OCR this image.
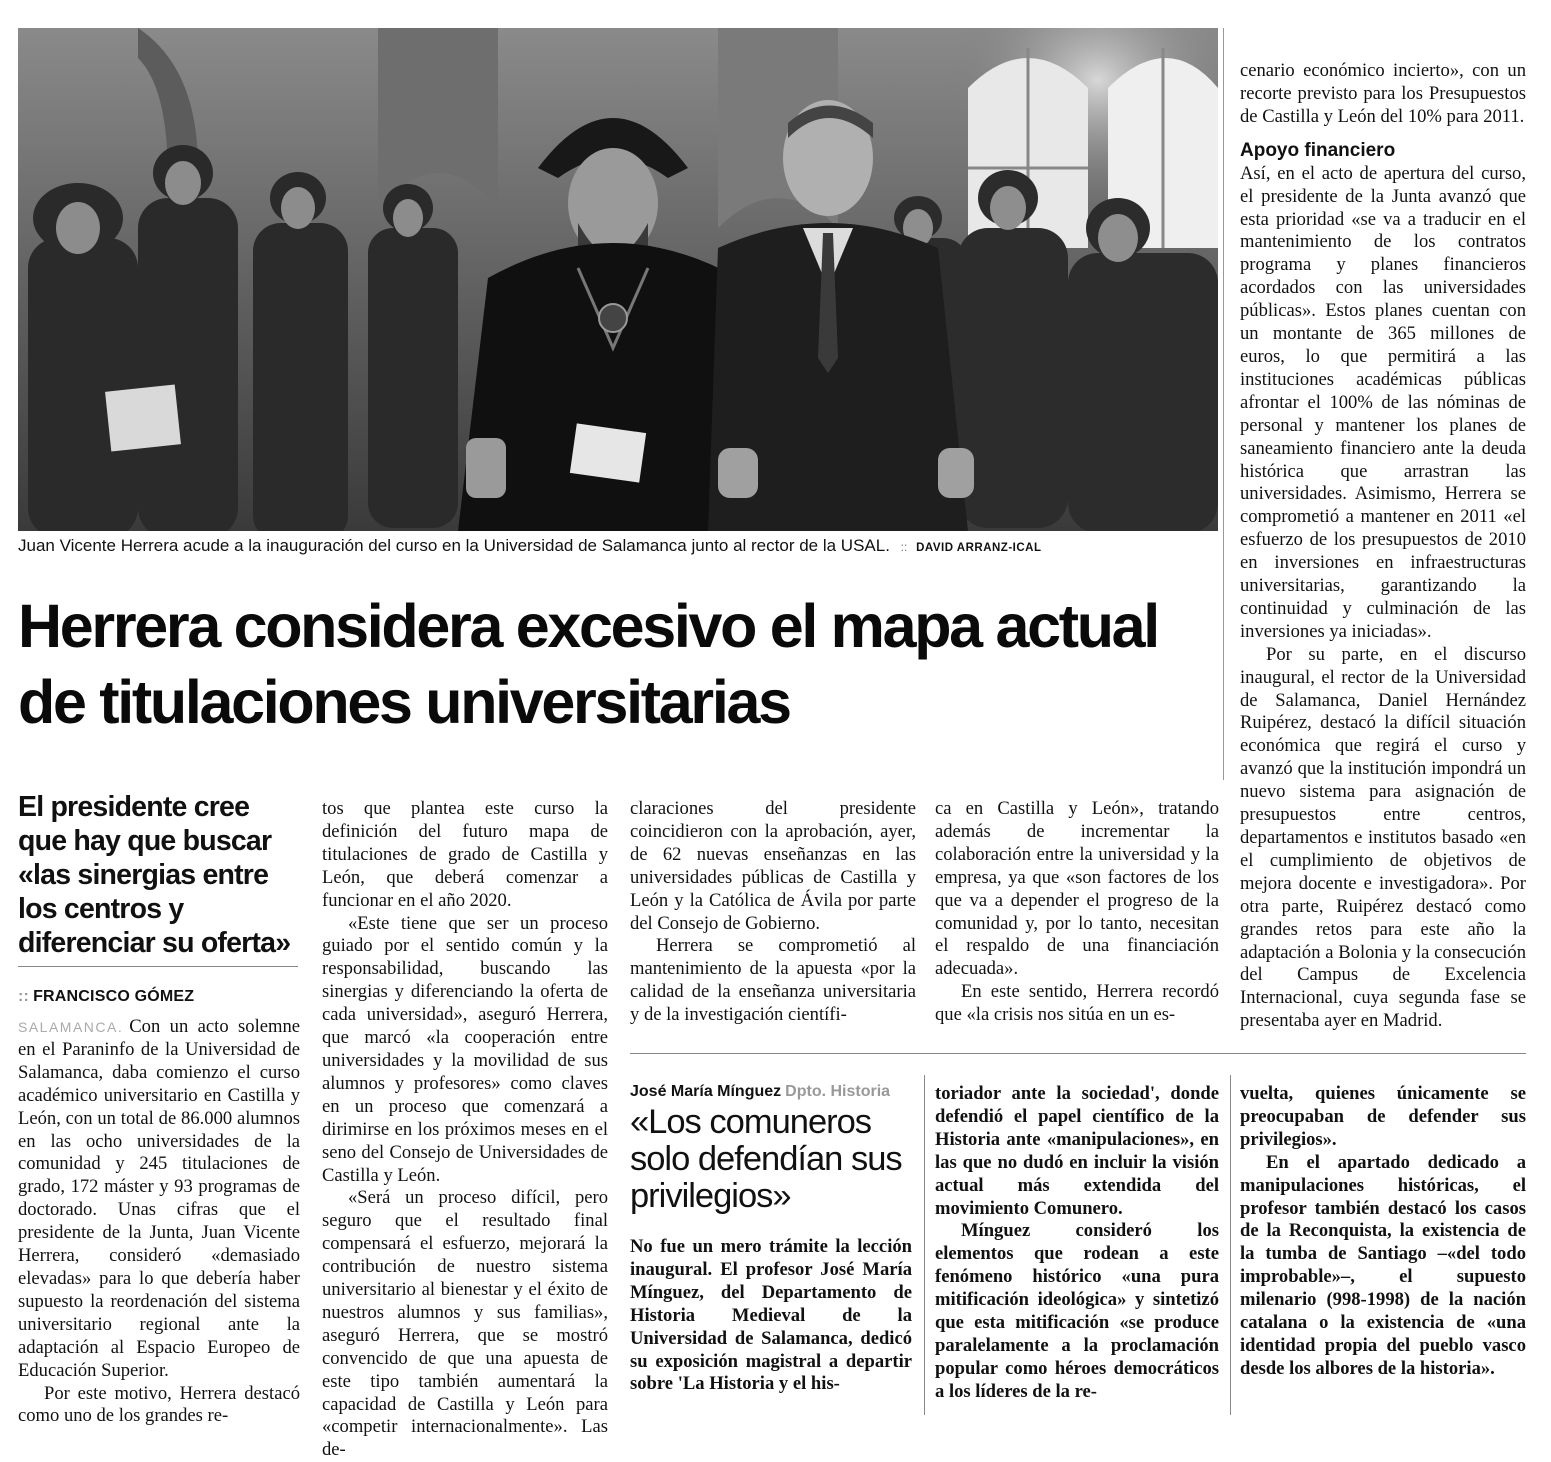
Juan Vicente Herrera acude a la inauguración del curso en la Universidad de Salamanca junto al rector de la USAL. :: DAVID ARRANZ-ICAL
Herrera considera excesivo el mapa actual de titulaciones universitarias

cenario económico incierto», con un recorte previsto para los Presupuestos de Castilla y León del 10% para 2011.

Apoyo financiero

Así, en el acto de apertura del curso, el presidente de la Junta avanzó que esta prioridad «se va a traducir en el mantenimiento de los contratos programa y planes financieros acordados con las universidades públicas». Estos planes cuentan con un montante de 365 millones de euros, lo que permitirá a las instituciones académicas públicas afrontar el 100% de las nóminas de personal y mantener los planes de saneamiento financiero ante la deuda histórica que arrastran las universidades. Asimismo, Herrera se comprometió a mantener en 2011 «el esfuerzo de los presupuestos de 2010 en inversiones en infraestructuras universitarias, garantizando la continuidad y culminación de las inversiones ya iniciadas».

Por su parte, en el discurso inaugural, el rector de la Universidad de Salamanca, Daniel Hernández Ruipérez, destacó la difícil situación económica que regirá el curso y avanzó que la institución impondrá un nuevo sistema para asignación de presupuestos entre centros, departamentos e institutos basado «en el cumplimiento de objetivos de mejora docente e investigadora». Por otra parte, Ruipérez destacó como grandes retos para este año la adaptación a Bolonia y la consecución del Campus de Excelencia Internacional, cuya segunda fase se presentaba ayer en Madrid.

El presidente cree que hay que buscar «las sinergias entre los centros y diferenciar su oferta»
:: FRANCISCO GÓMEZ

SALAMANCA. Con un acto solemne en el Paraninfo de la Universidad de Salamanca, daba comienzo el curso académico universitario en Castilla y León, con un total de 86.000 alumnos en las ocho universidades de la comunidad y 245 titulaciones de grado, 172 máster y 93 programas de doctorado. Unas cifras que el presidente de la Junta, Juan Vicente Herrera, consideró «demasiado elevadas» para lo que debería haber supuesto la reordenación del sistema universitario regional ante la adaptación al Espacio Europeo de Educación Superior.

Por este motivo, Herrera destacó como uno de los grandes re-

tos que plantea este curso la definición del futuro mapa de titulaciones de grado de Castilla y León, que deberá comenzar a funcionar en el año 2020.

«Este tiene que ser un proceso guiado por el sentido común y la responsabilidad, buscando las sinergias y diferenciando la oferta de cada universidad», aseguró Herrera, que marcó «la cooperación entre universidades y la movilidad de sus alumnos y profesores» como claves en un proceso que comenzará a dirimirse en los próximos meses en el seno del Consejo de Universidades de Castilla y León.

«Será un proceso difícil, pero seguro que el resultado final compensará el esfuerzo, mejorará la contribución de nuestro sistema universitario al bienestar y el éxito de nuestros alumnos y sus familias», aseguró Herrera, que se mostró convencido de que una apuesta de este tipo también aumentará la capacidad de Castilla y León para «competir internacionalmente». Las de-

claraciones del presidente coincidieron con la aprobación, ayer, de 62 nuevas enseñanzas en las universidades públicas de Castilla y León y la Católica de Ávila por parte del Consejo de Gobierno.

Herrera se comprometió al mantenimiento de la apuesta «por la calidad de la enseñanza universitaria y de la investigación científi-

ca en Castilla y León», tratando además de incrementar la colaboración entre la universidad y la empresa, ya que «son factores de los que va a depender el progreso de la comunidad y, por lo tanto, necesitan el respaldo de una financiación adecuada».

En este sentido, Herrera recordó que «la crisis nos sitúa en un es-

José María Mínguez Dpto. Historia
«Los comuneros solo defendían sus privilegios»

No fue un mero trámite la lección inaugural. El profesor José María Mínguez, del Departamento de Historia Medieval de la Universidad de Salamanca, dedicó su exposición magistral a departir sobre 'La Historia y el his-

toriador ante la sociedad', donde defendió el papel científico de la Historia ante «manipulaciones», en las que no dudó en incluir la visión actual más extendida del movimiento Comunero.

Mínguez consideró los elementos que rodean a este fenómeno histórico «una pura mitificación ideológica» y sintetizó que esta mitificación «se produce paralelamente a la proclamación popular como héroes democráticos a los líderes de la re-

vuelta, quienes únicamente se preocupaban de defender sus privilegios».

En el apartado dedicado a manipulaciones históricas, el profesor también destacó los casos de la Reconquista, la existencia de la tumba de Santiago –«del todo improbable»–, el supuesto milenario (998-1998) de la nación catalana o la existencia de «una identidad propia del pueblo vasco desde los albores de la historia».
